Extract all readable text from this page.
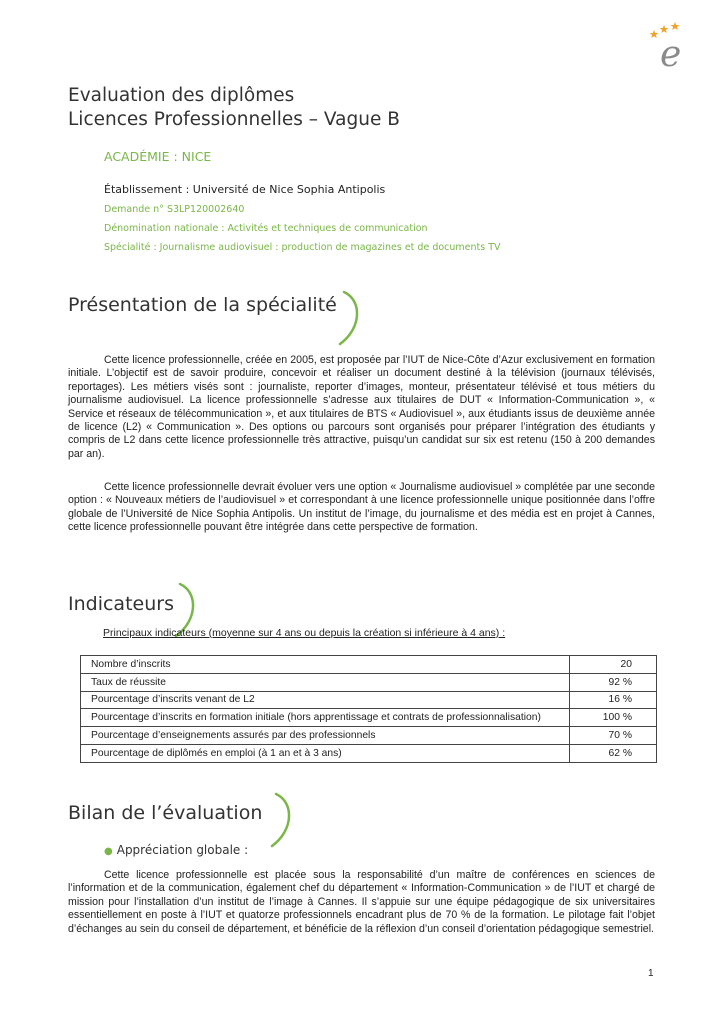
e
Evaluation des diplômes
Licences Professionnelles – Vague B
ACADÉMIE : NICE
Établissement : Université de Nice Sophia Antipolis
Demande n° S3LP120002640
Dénomination nationale : Activités et techniques de communication
Spécialité : Journalisme audiovisuel : production de magazines et de documents TV
Présentation de la spécialité

Cette licence professionnelle, créée en 2005, est proposée par l’IUT de Nice-Côte d’Azur exclusivement en formation initiale. L’objectif est de savoir produire, concevoir et réaliser un document destiné à la télévision (journaux télévisés, reportages). Les métiers visés sont : journaliste, reporter d’images, monteur, présentateur télévisé et tous métiers du journalisme audiovisuel. La licence professionnelle s’adresse aux titulaires de DUT « Information-Communication », « Service et réseaux de télécommunication », et aux titulaires de BTS « Audiovisuel », aux étudiants issus de deuxième année de licence (L2) « Communication ». Des options ou parcours sont organisés pour préparer l’intégration des étudiants y compris de L2 dans cette licence professionnelle très attractive, puisqu’un candidat sur six est retenu (150 à 200 demandes par an).

Cette licence professionnelle devrait évoluer vers une option « Journalisme audiovisuel » complétée par une seconde option : « Nouveaux métiers de l’audiovisuel » et correspondant à une licence professionnelle unique positionnée dans l’offre globale de l’Université de Nice Sophia Antipolis. Un institut de l’image, du journalisme et des média est en projet à Cannes, cette licence professionnelle pouvant être intégrée dans cette perspective de formation.

Indicateurs
Principaux indicateurs (moyenne sur 4 ans ou depuis la création si inférieure à 4 ans) :
Nombre d’inscrits	20
Taux de réussite	92 %
Pourcentage d’inscrits venant de L2	16 %
Pourcentage d’inscrits en formation initiale (hors apprentissage et contrats de professionnalisation)	100 %
Pourcentage d’enseignements assurés par des professionnels	70 %
Pourcentage de diplômés en emploi (à 1 an et à 3 ans)	62 %
Bilan de l’évaluation
● Appréciation globale :

Cette licence professionnelle est placée sous la responsabilité d’un maître de conférences en sciences de l’information et de la communication, également chef du département « Information-Communication » de l’IUT et chargé de mission pour l’installation d’un institut de l’image à Cannes. Il s’appuie sur une équipe pédagogique de six universitaires essentiellement en poste à l’IUT et quatorze professionnels encadrant plus de 70 % de la formation. Le pilotage fait l’objet d’échanges au sein du conseil de département, et bénéficie de la réflexion d’un conseil d’orientation pédagogique semestriel.

1
